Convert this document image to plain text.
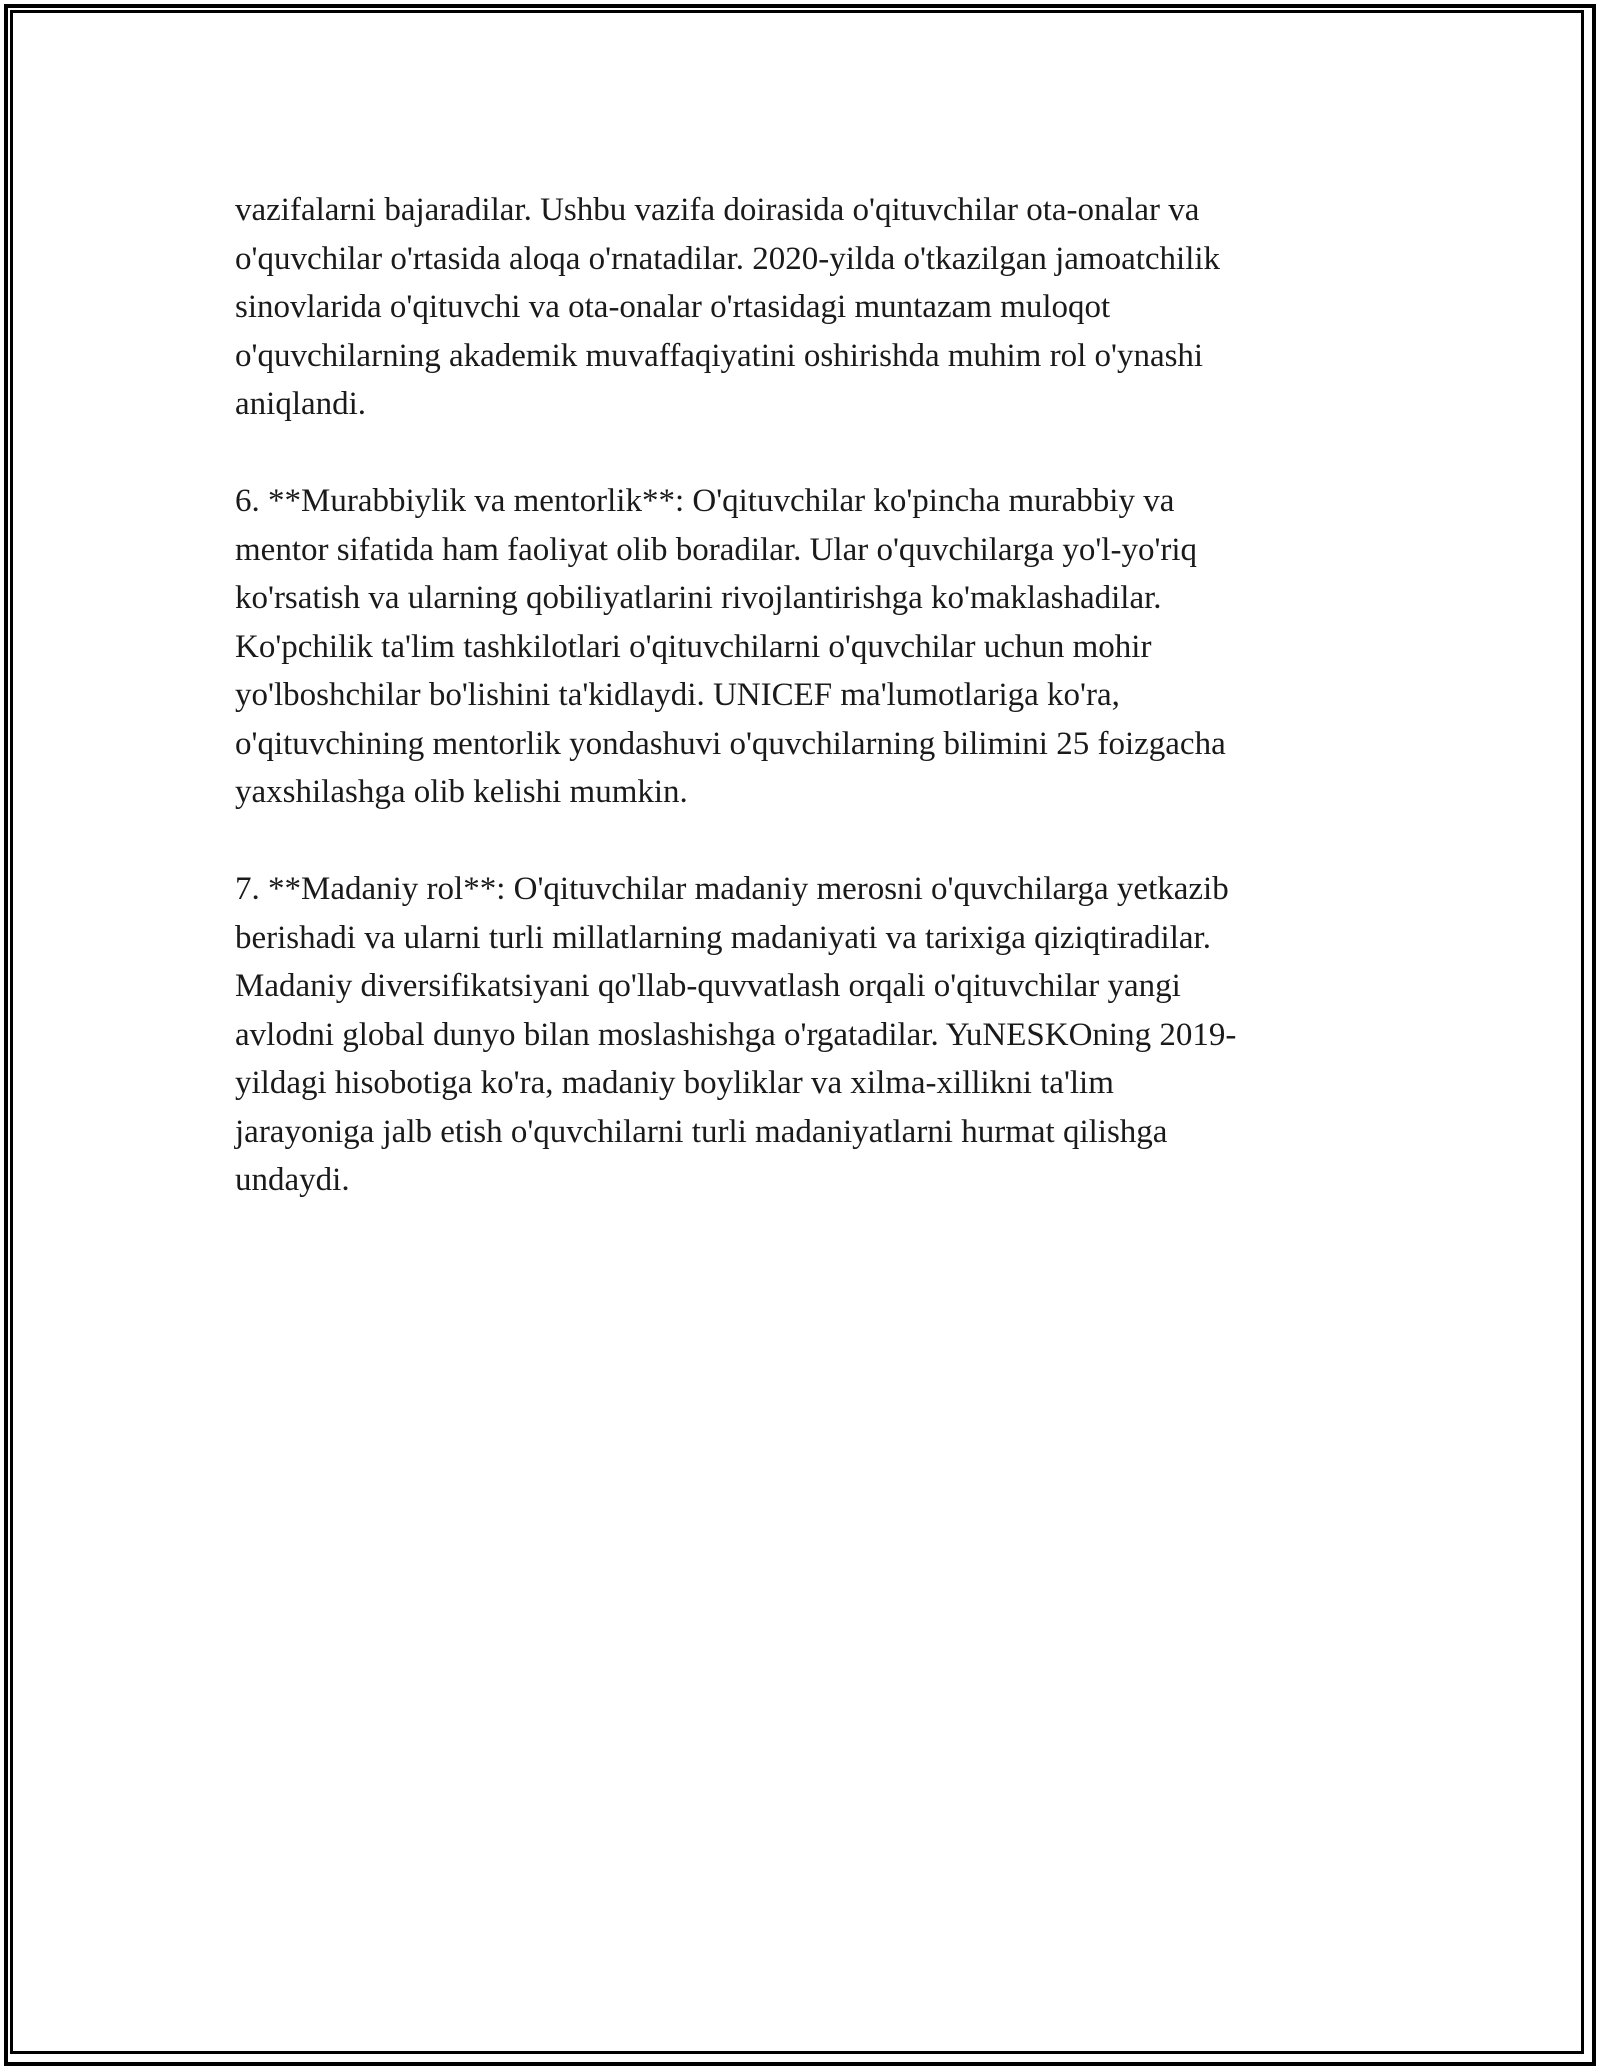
vazifalarni bajaradilar. Ushbu vazifa doirasida o'qituvchilar ota-onalar va
o'quvchilar o'rtasida aloqa o'rnatadilar. 2020-yilda o'tkazilgan jamoatchilik
sinovlarida o'qituvchi va ota-onalar o'rtasidagi muntazam muloqot
o'quvchilarning akademik muvaffaqiyatini oshirishda muhim rol o'ynashi
aniqlandi.

6. **Murabbiylik va mentorlik**: O'qituvchilar ko'pincha murabbiy va
mentor sifatida ham faoliyat olib boradilar. Ular o'quvchilarga yo'l-yo'riq
ko'rsatish va ularning qobiliyatlarini rivojlantirishga ko'maklashadilar.
Ko'pchilik ta'lim tashkilotlari o'qituvchilarni o'quvchilar uchun mohir
yo'lboshchilar bo'lishini ta'kidlaydi. UNICEF ma'lumotlariga ko'ra,
o'qituvchining mentorlik yondashuvi o'quvchilarning bilimini 25 foizgacha
yaxshilashga olib kelishi mumkin.

7. **Madaniy rol**: O'qituvchilar madaniy merosni o'quvchilarga yetkazib
berishadi va ularni turli millatlarning madaniyati va tarixiga qiziqtiradilar.
Madaniy diversifikatsiyani qo'llab-quvvatlash orqali o'qituvchilar yangi
avlodni global dunyo bilan moslashishga o'rgatadilar. YuNESKOning 2019-
yildagi hisobotiga ko'ra, madaniy boyliklar va xilma-xillikni ta'lim
jarayoniga jalb etish o'quvchilarni turli madaniyatlarni hurmat qilishga
undaydi.
